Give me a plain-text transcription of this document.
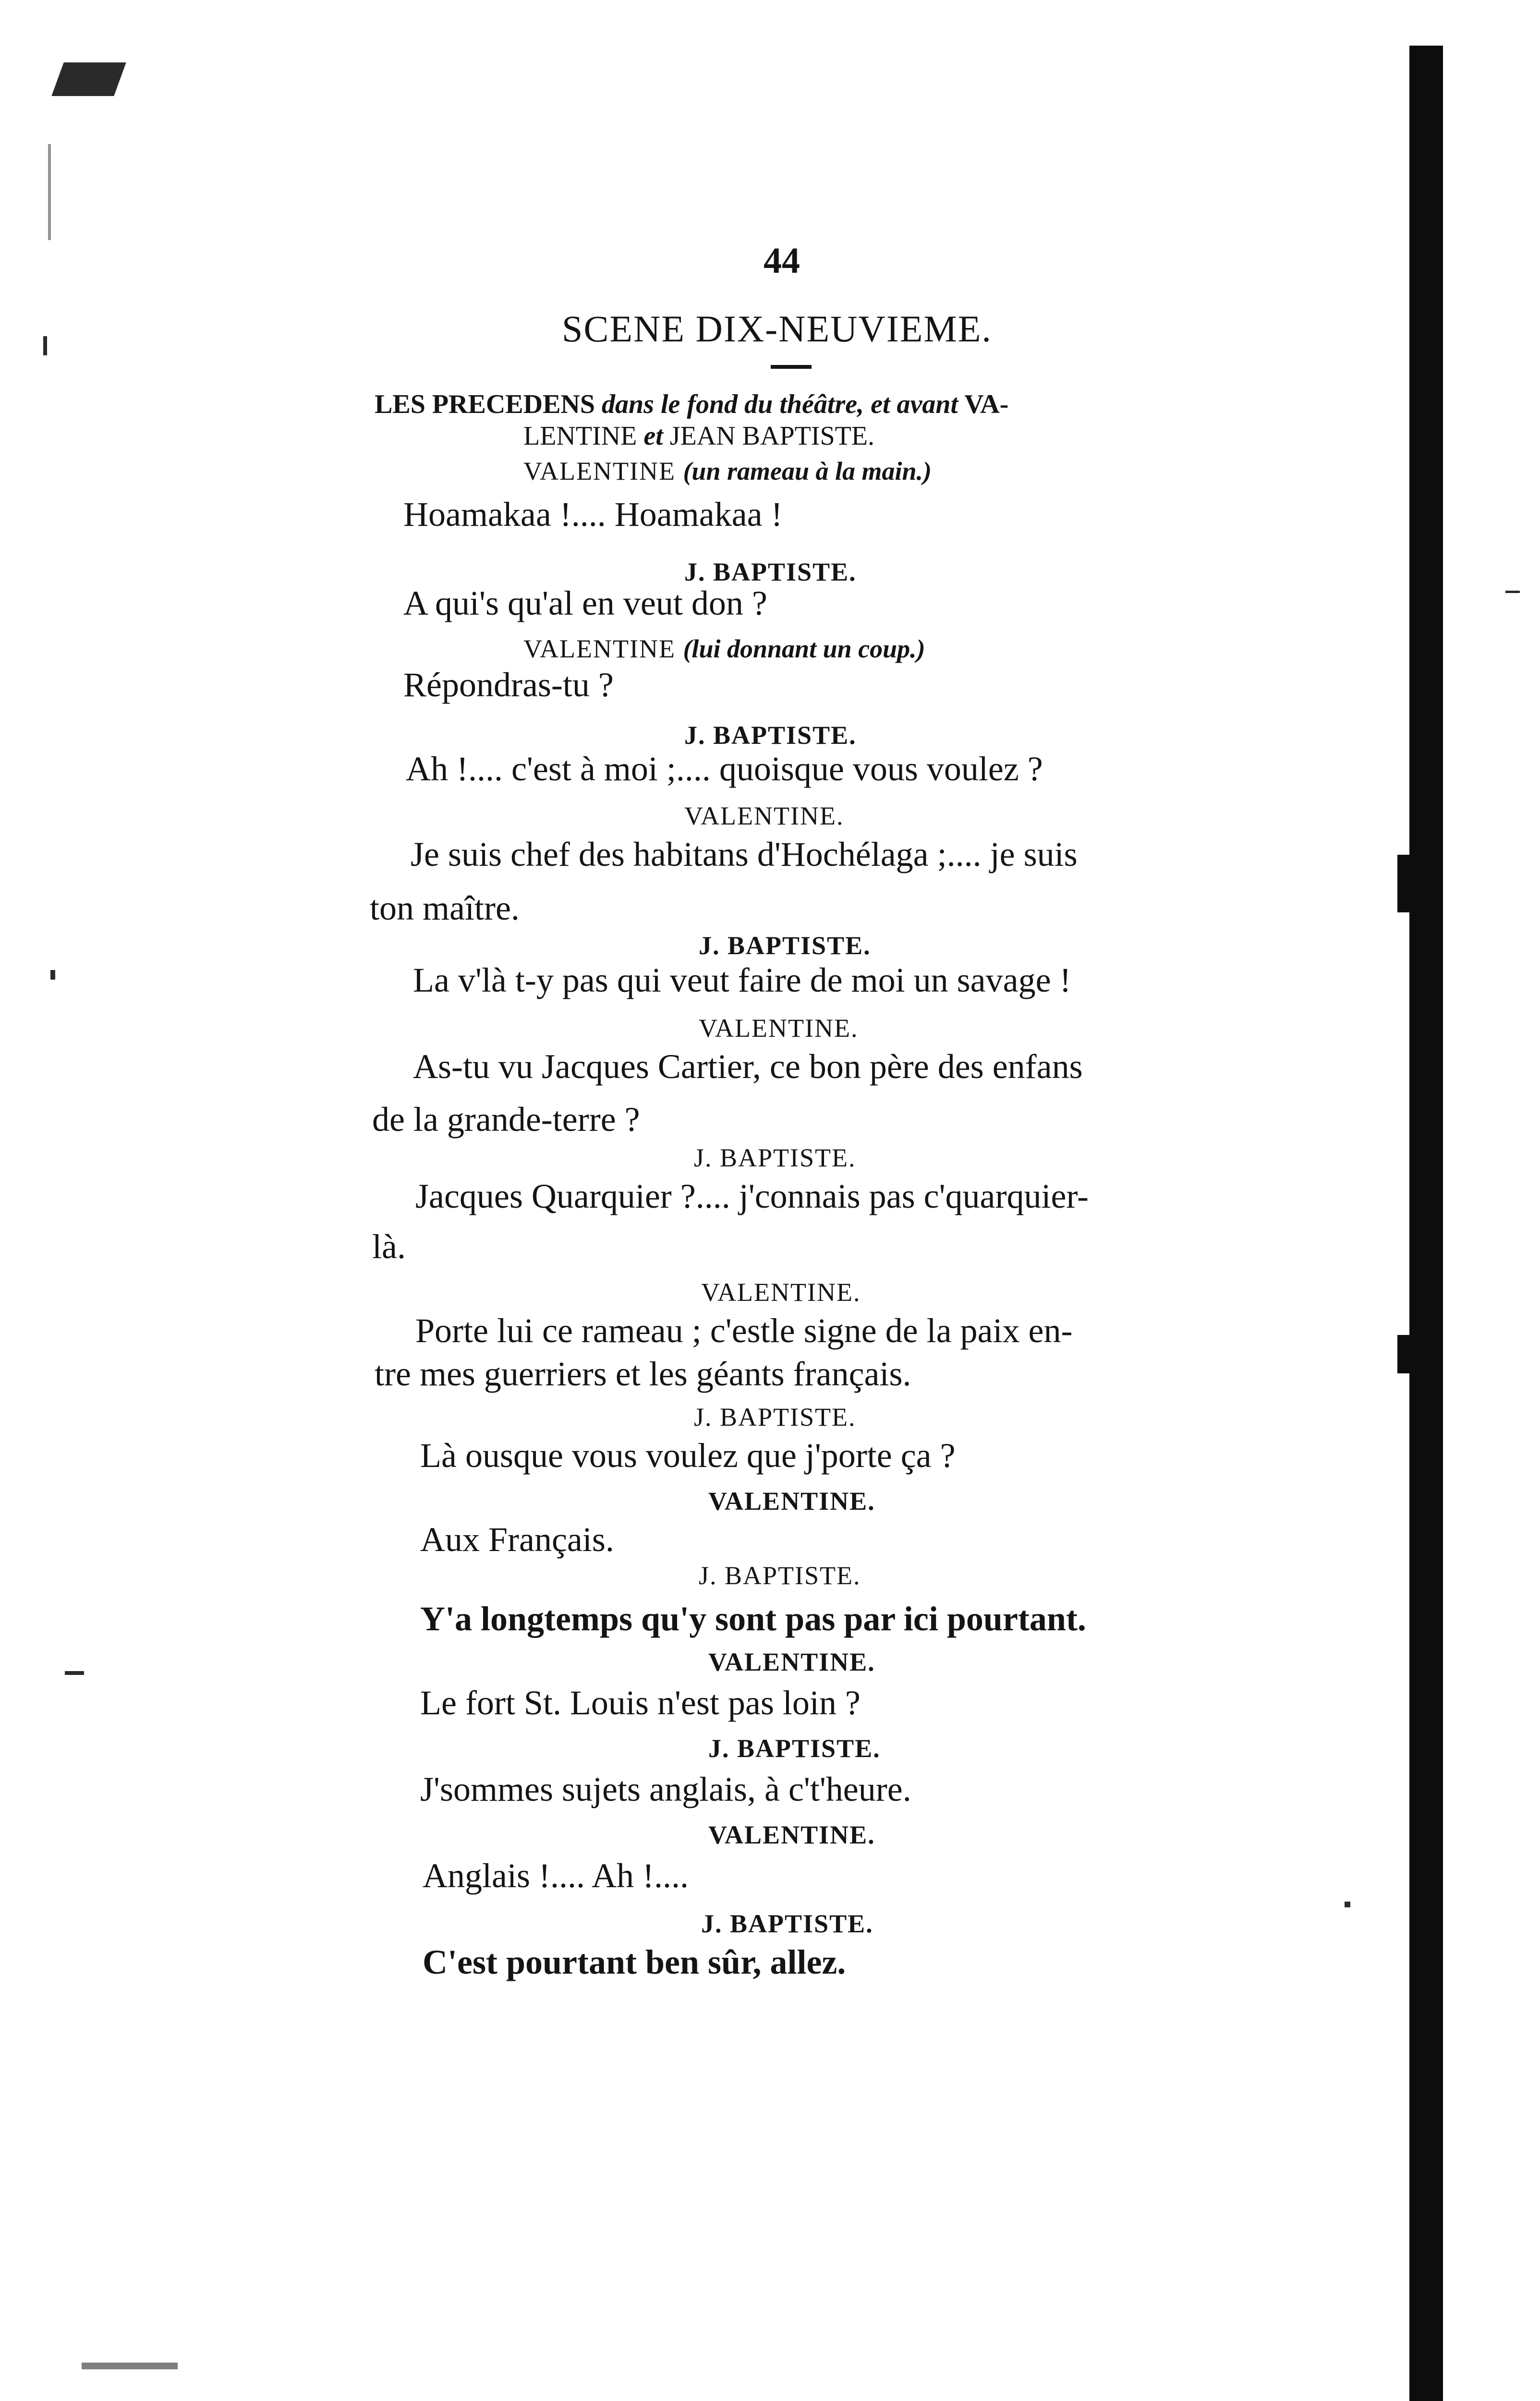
44
SCENE DIX-NEUVIEME.
LES PRECEDENS dans le fond du théâtre, et avant VA-
LENTINE et JEAN BAPTISTE.
VALENTINE (un rameau à la main.)
Hoamakaa !.... Hoamakaa !
J. BAPTISTE.
A qui's qu'al en veut don ?
VALENTINE (lui donnant un coup.)
Répondras-tu ?
J. BAPTISTE.
Ah !.... c'est à moi ;.... quoisque vous voulez ?
VALENTINE.
Je suis chef des habitans d'Hochélaga ;.... je suis
ton maître.
J. BAPTISTE.
La v'là t-y pas qui veut faire de moi un savage !
VALENTINE.
As-tu vu Jacques Cartier, ce bon père des enfans
de la grande-terre ?
J. BAPTISTE.
Jacques Quarquier ?.... j'connais pas c'quarquier-
là.
VALENTINE.
Porte lui ce rameau ; c'estle signe de la paix en-
tre mes guerriers et les géants français.
J. BAPTISTE.
Là ousque vous voulez que j'porte ça ?
VALENTINE.
Aux Français.
J. BAPTISTE.
Y'a longtemps qu'y sont pas par ici pourtant.
VALENTINE.
Le fort St. Louis n'est pas loin ?
J. BAPTISTE.
J'sommes sujets anglais, à c't'heure.
VALENTINE.
Anglais !.... Ah !....
J. BAPTISTE.
C'est pourtant ben sûr, allez.
